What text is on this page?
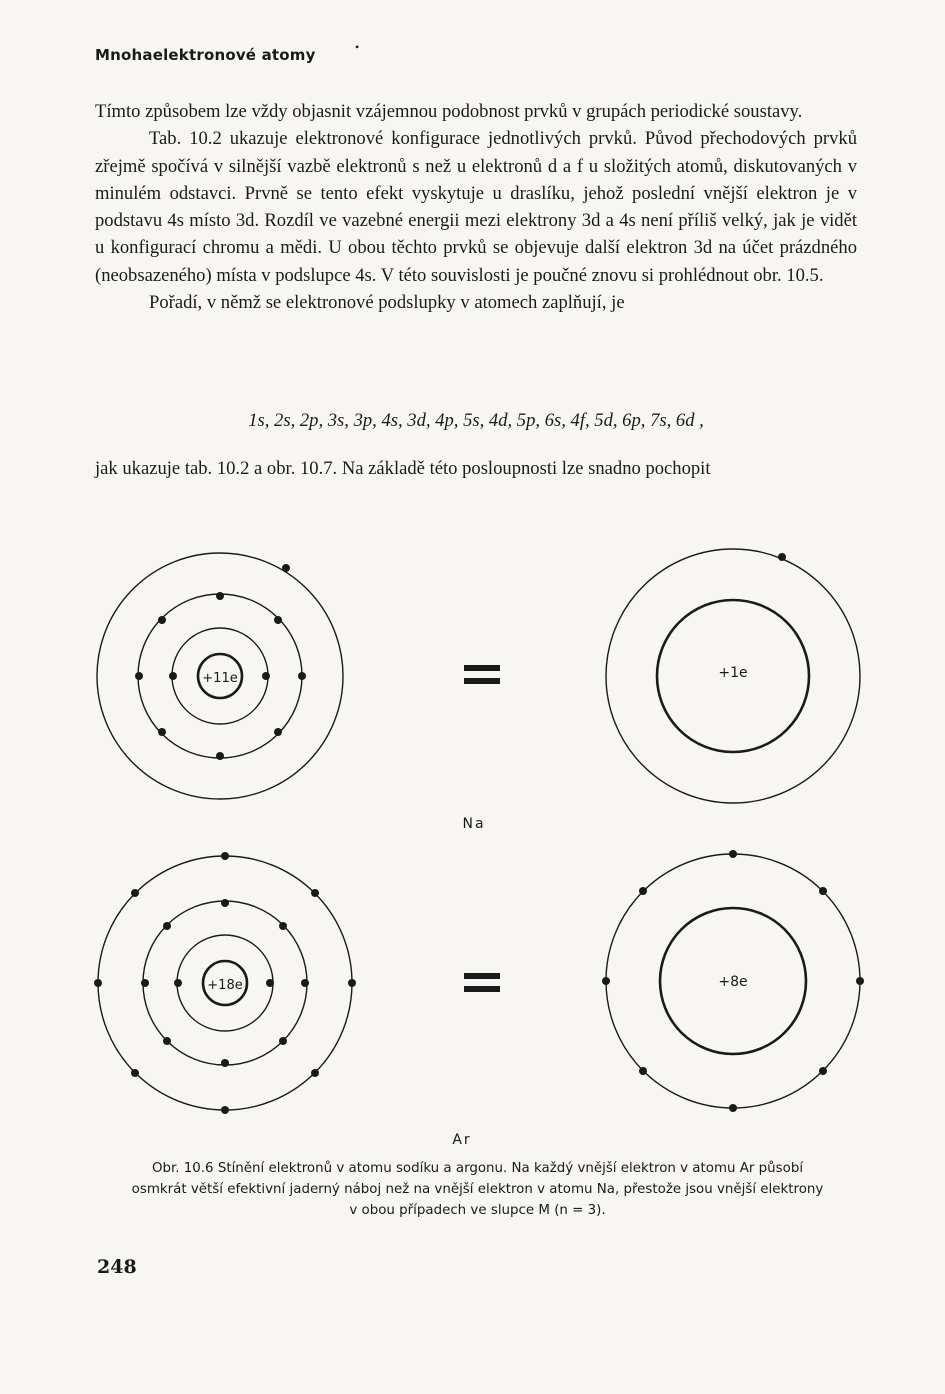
Mnohaelektronové atomy	•

Tímto způsobem lze vždy objasnit vzájemnou podobnost prvků v grupách periodické soustavy.

Tab. 10.2 ukazuje elektronové konfigurace jednotlivých prvků. Původ přechodových prvků zřejmě spočívá v silnější vazbě elektronů s než u elektronů d a f u složitých atomů, diskutovaných v minulém odstavci. Prvně se tento efekt vyskytuje u draslíku, jehož poslední vnější elektron je v podstavu 4s místo 3d. Rozdíl ve vazebné energii mezi elektrony 3d a 4s není příliš velký, jak je vidět u konfigurací chromu a mědi. U obou těchto prvků se objevuje další elektron 3d na účet prázdného (neobsazeného) místa v podslupce 4s. V této souvislosti je poučné znovu si prohlédnout obr. 10.5.

Pořadí, v němž se elektronové podslupky v atomech zaplňují, je

1s, 2s, 2p, 3s, 3p, 4s, 3d, 4p, 5s, 4d, 5p, 6s, 4f, 5d, 6p, 7s, 6d ,
jak ukazuje tab. 10.2 a obr. 10.7. Na základě této posloupnosti lze snadno pochopit
+11e	+1e
Na
+18e	+8e
Ar
Obr. 10.6 Stínění elektronů v atomu sodíku a argonu. Na každý vnější elektron v atomu Ar působí
osmkrát větší efektivní jaderný náboj než na vnější elektron v atomu Na, přestože jsou vnější elektrony
v obou případech ve slupce M (n = 3).
248
